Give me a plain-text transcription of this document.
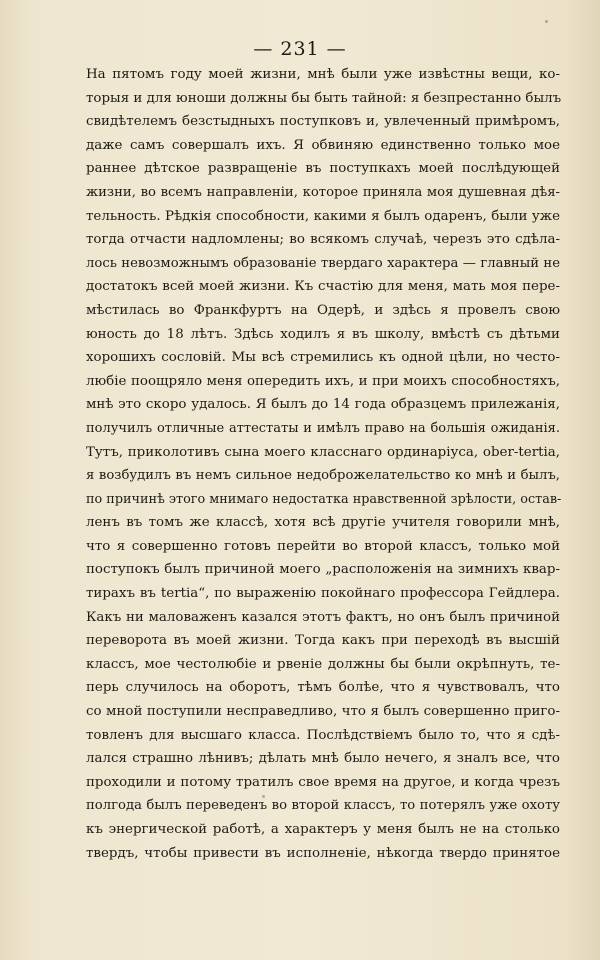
— 231 —
На пятомъ году моей жизни, мнѣ были уже извѣстны вещи, ко-
торыя и для юноши должны бы быть тайной: я безпрестанно былъ
свидѣтелемъ безстыдныхъ поступковъ и, увлеченный примѣромъ,
даже самъ совершалъ ихъ. Я обвиняю единственно только мое
раннее дѣтское развращеніе въ поступкахъ моей послѣдующей
жизни, во всемъ направленіи, которое приняла моя душевная дѣя-
тельность. Рѣдкія способности, какими я былъ одаренъ, были уже
тогда отчасти надломлены; во всякомъ случаѣ, черезъ это сдѣла-
лось невозможнымъ образованіе твердаго характера — главный не
достатокъ всей моей жизни. Къ счастію для меня, мать моя пере-
мѣстилась во Франкфуртъ на Одерѣ, и здѣсь я провелъ свою
юность до 18 лѣтъ. Здѣсь ходилъ я въ школу, вмѣстѣ съ дѣтьми
хорошихъ сословій. Мы всѣ стремились къ одной цѣли, но често-
любіе поощряло меня опередить ихъ, и при моихъ способностяхъ,
мнѣ это скоро удалось. Я былъ до 14 года образцемъ прилежанія,
получилъ отличные аттестаты и имѣлъ право на большія ожиданія.
Тутъ, приколотивъ сына моего класснаго ординаріуса, ober-tertia,
я возбудилъ въ немъ сильное недоброжелательство ко мнѣ и былъ,
по причинѣ этого мнимаго недостатка нравственной зрѣлости, остав-
ленъ въ томъ же классѣ, хотя всѣ другіе учителя говорили мнѣ,
что я совершенно готовъ перейти во второй классъ, только мой
поступокъ былъ причиной моего „расположенія на зимнихъ квар-
тирахъ въ tertia“, по выраженію покойнаго профессора Гейдлера.
Какъ ни маловаженъ казался этотъ фактъ, но онъ былъ причиной
переворота въ моей жизни. Тогда какъ при переходѣ въ высшій
классъ, мое честолюбіе и рвеніе должны бы были окрѣпнуть, те-
перь случилось на оборотъ, тѣмъ болѣе, что я чувствовалъ, что
со мной поступили несправедливо, что я былъ совершенно приго-
товленъ для высшаго класса. Послѣдствіемъ было то, что я сдѣ-
лался страшно лѣнивъ; дѣлать мнѣ было нечего, я зналъ все, что
проходили и потому тратилъ свое время на другое, и когда чрезъ
полгода былъ переведенъ во второй классъ, то потерялъ уже охоту
къ энергической работѣ, а характеръ у меня былъ не на столько
твердъ, чтобы привести въ исполненіе, нѣкогда твердо принятое
